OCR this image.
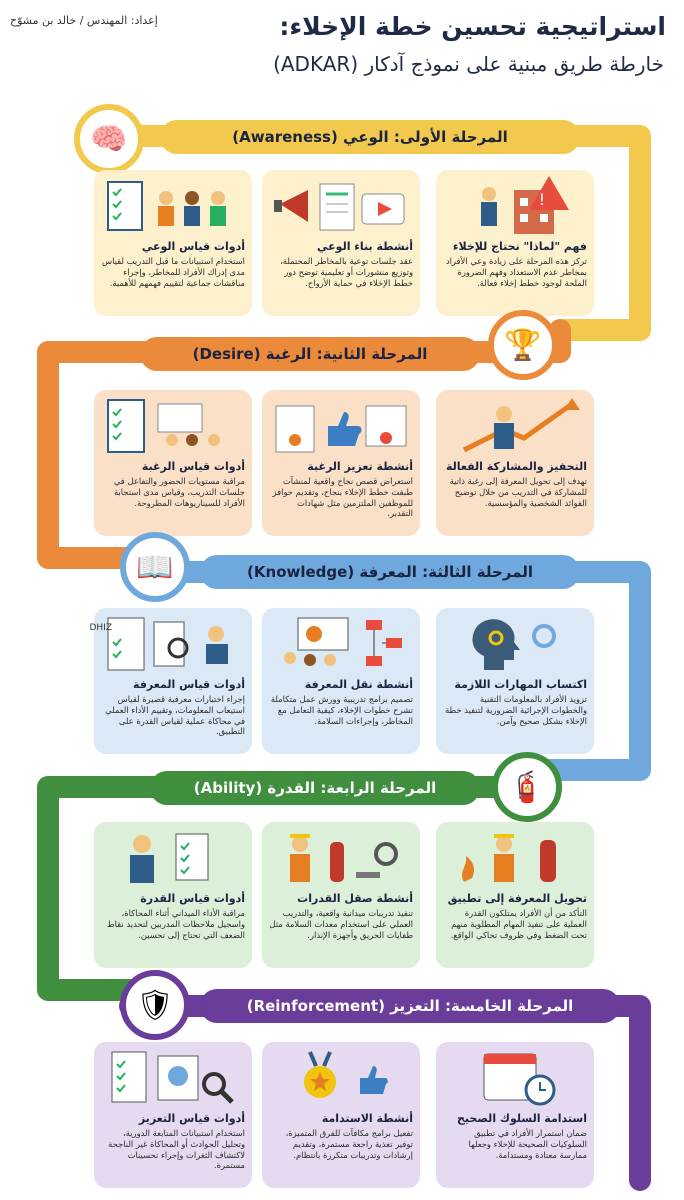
استراتيجية تحسين خطة الإخلاء:
خارطة طريق مبنية على نموذج آدكار (ADKAR)
إعداد: المهندس / خالد بن مشوّح
🧠	المرحلة الأولى: الوعي (Awareness)
!
فهم "لماذا" نحتاج للإخلاء

تركز هذه المرحلة على زيادة وعي الأفراد بمخاطر عدم الاستعداد وفهم الضرورة الملحة لوجود خطط إخلاء فعالة.

أنشطة بناء الوعي

عقد جلسات توعية بالمخاطر المحتملة، وتوزيع منشورات أو تعليمية توضح دور خطط الإخلاء في حماية الأرواح.

أدوات قياس الوعي

استخدام استبيانات ما قبل التدريب لقياس مدى إدراك الأفراد للمخاطر، وإجراء مناقشات جماعية لتقييم فهمهم للأهمية.

🏆
المرحلة الثانية: الرغبة (Desire)
التحفيز والمشاركة الفعالة

تهدف إلى تحويل المعرفة إلى رغبة ذاتية للمشاركة في التدريب من خلال توضيح الفوائد الشخصية والمؤسسية.

أنشطة تعزيز الرغبة

استعراض قصص نجاح واقعية لمنشآت طبقت خطط الإخلاء بنجاح، وتقديم حوافز للموظفين الملتزمين مثل شهادات التقدير.

أدوات قياس الرغبة

مراقبة مستويات الحضور والتفاعل في جلسات التدريب، وقياس مدى استجابة الأفراد للسيناريوهات المطروحة.

📖	المرحلة الثالثة: المعرفة (Knowledge)
اكتساب المهارات اللازمة

تزويد الأفراد بالمعلومات التقنية والخطوات الإجرائية الضرورية لتنفيذ خطة الإخلاء بشكل صحيح وآمن.

أنشطة نقل المعرفة

تصميم برامج تدريبية وورش عمل متكاملة تشرح خطوات الإخلاء، كيفية التعامل مع المخاطر، وإجراءات السلامة.

DHIZ
أدوات قياس المعرفة

إجراء اختبارات معرفية قصيرة لقياس استيعاب المعلومات، وتقييم الأداء العملي في محاكاة عملية لقياس القدرة على التطبيق.

🧯
المرحلة الرابعة: القدرة (Ability)
تحويل المعرفة إلى تطبيق

التأكد من أن الأفراد يمتلكون القدرة العملية على تنفيذ المهام المطلوبة منهم تحت الضغط وفي ظروف تحاكي الواقع.

أنشطة صقل القدرات

تنفيذ تدريبات ميدانية واقعية، والتدريب العملي على استخدام معدات السلامة مثل طفايات الحريق وأجهزة الإنذار.

أدوات قياس القدرة

مراقبة الأداء الميداني أثناء المحاكاة، واسجيل ملاحظات المدربين لتحديد نقاط الضعف التي تحتاج إلى تحسين.

🛡	المرحلة الخامسة: التعزيز (Reinforcement)
استدامة السلوك الصحيح

ضمان استمرار الأفراد في تطبيق السلوكيات الصحيحة للإخلاء وجعلها ممارسة معتادة ومستدامة.

أنشطة الاستدامة

تفعيل برامج مكافآت للفرق المتميزة، توفير تغذية راجعة مستمرة، وتقديم إرشادات وتدريبات متكررة بانتظام.

أدوات قياس التعزيز

استخدام استبيانات المتابعة الدورية، وتحليل الحوادث أو المحاكاة غير الناجحة لاكتشاف الثغرات وإجراء تحسينات مستمرة.
